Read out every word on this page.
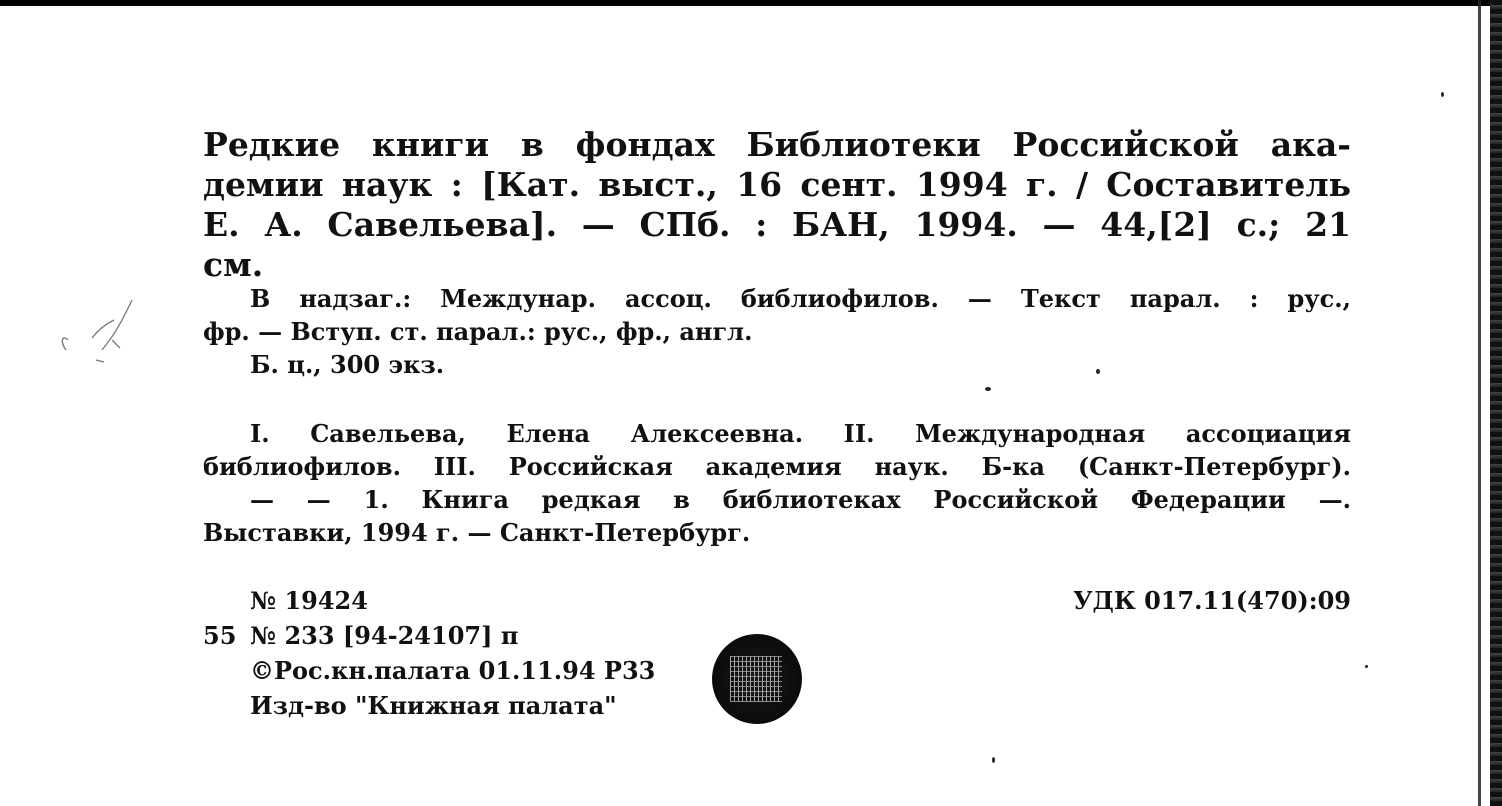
Редкие книги в фондах Библиотеки Российской ака-
демии наук : [Кат. выст., 16 сент. 1994 г. / Составитель
Е. А. Савельева]. — СПб. : БАН, 1994. — 44,[2] с.; 21
см.
В надзаг.: Междунар. ассоц. библиофилов. — Текст парал. : рус.,
фр. — Вступ. ст. парал.: рус., фр., англ.
Б. ц., 300 экз.
I. Савельева, Елена Алексеевна. II. Международная ассоциация
библиофилов. III. Российская академия наук. Б-ка (Санкт-Петербург).
— — 1. Книга редкая в библиотеках Российской Федерации —.
Выставки, 1994 г. — Санкт-Петербург.
№ 19424	УДК 017.11(470):09
55 № 233 [94-24107] п
©Рос.кн.палата 01.11.94 Р33
Изд-во "Книжная палата"
